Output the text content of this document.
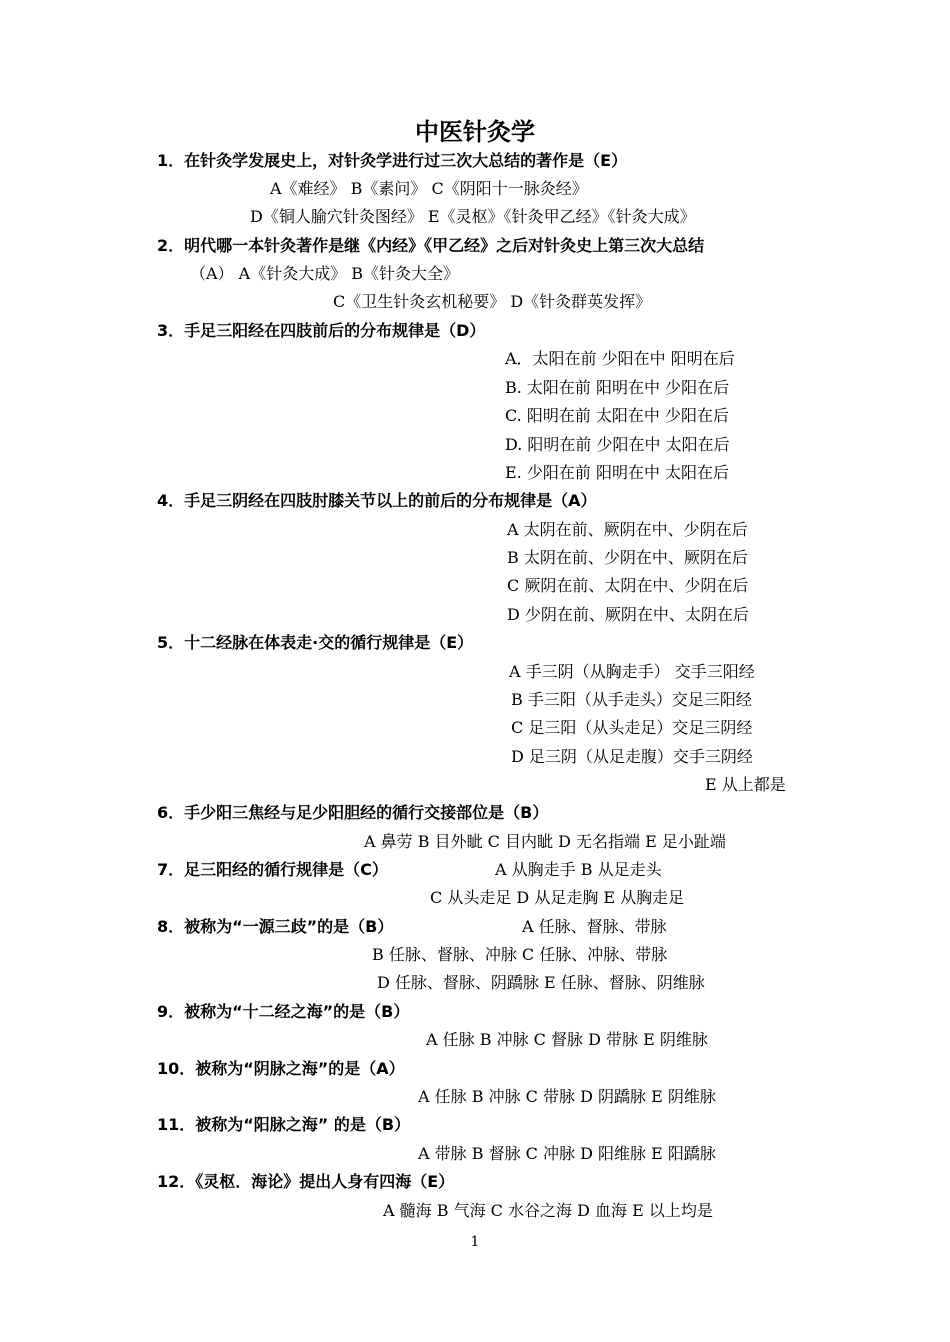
中医针灸学
1．在针灸学发展史上，对针灸学进行过三次大总结的著作是（E）
A《难经》 B《素问》 C《阴阳十一脉灸经》
D《铜人腧穴针灸图经》 E《灵枢》《针灸甲乙经》《针灸大成》
2．明代哪一本针灸著作是继《内经》《甲乙经》之后对针灸史上第三次大总结
（A） A《针灸大成》 B《针灸大全》
C《卫生针灸玄机秘要》 D《针灸群英发挥》
3．手足三阳经在四肢前后的分布规律是（D）
A．太阳在前 少阳在中 阳明在后
B. 太阳在前 阳明在中 少阳在后
C. 阳明在前 太阳在中 少阳在后
D. 阳明在前 少阳在中 太阳在后
E. 少阳在前 阳明在中 太阳在后
4．手足三阴经在四肢肘膝关节以上的前后的分布规律是（A）
A 太阴在前、厥阴在中、少阴在后
B 太阴在前、少阴在中、厥阴在后
C 厥阴在前、太阴在中、少阴在后
D 少阴在前、厥阴在中、太阴在后
5．十二经脉在体表走·交的循行规律是（E）
A 手三阴（从胸走手） 交手三阳经
B 手三阳（从手走头）交足三阳经
C 足三阳（从头走足）交足三阴经
D 足三阴（从足走腹）交手三阴经
E 从上都是
6．手少阳三焦经与足少阳胆经的循行交接部位是（B）
A 鼻劳 B 目外眦 C 目内眦 D 无名指端 E 足小趾端
7．足三阳经的循行规律是（C）	A 从胸走手 B 从足走头
C 从头走足 D 从足走胸 E 从胸走足
8．被称为“一源三歧”的是（B）	A 任脉、督脉、带脉
B 任脉、督脉、冲脉 C 任脉、冲脉、带脉
D 任脉、督脉、阴蹻脉 E 任脉、督脉、阴维脉
9．被称为“十二经之海”的是（B）
A 任脉 B 冲脉 C 督脉 D 带脉 E 阴维脉
10．被称为“阴脉之海”的是（A）
A 任脉 B 冲脉 C 带脉 D 阴蹻脉 E 阴维脉
11．被称为“阳脉之海” 的是（B）
A 带脉 B 督脉 C 冲脉 D 阳维脉 E 阳蹻脉
12．《灵枢．海论》提出人身有四海（E）
A 髓海 B 气海 C 水谷之海 D 血海 E 以上均是
1
